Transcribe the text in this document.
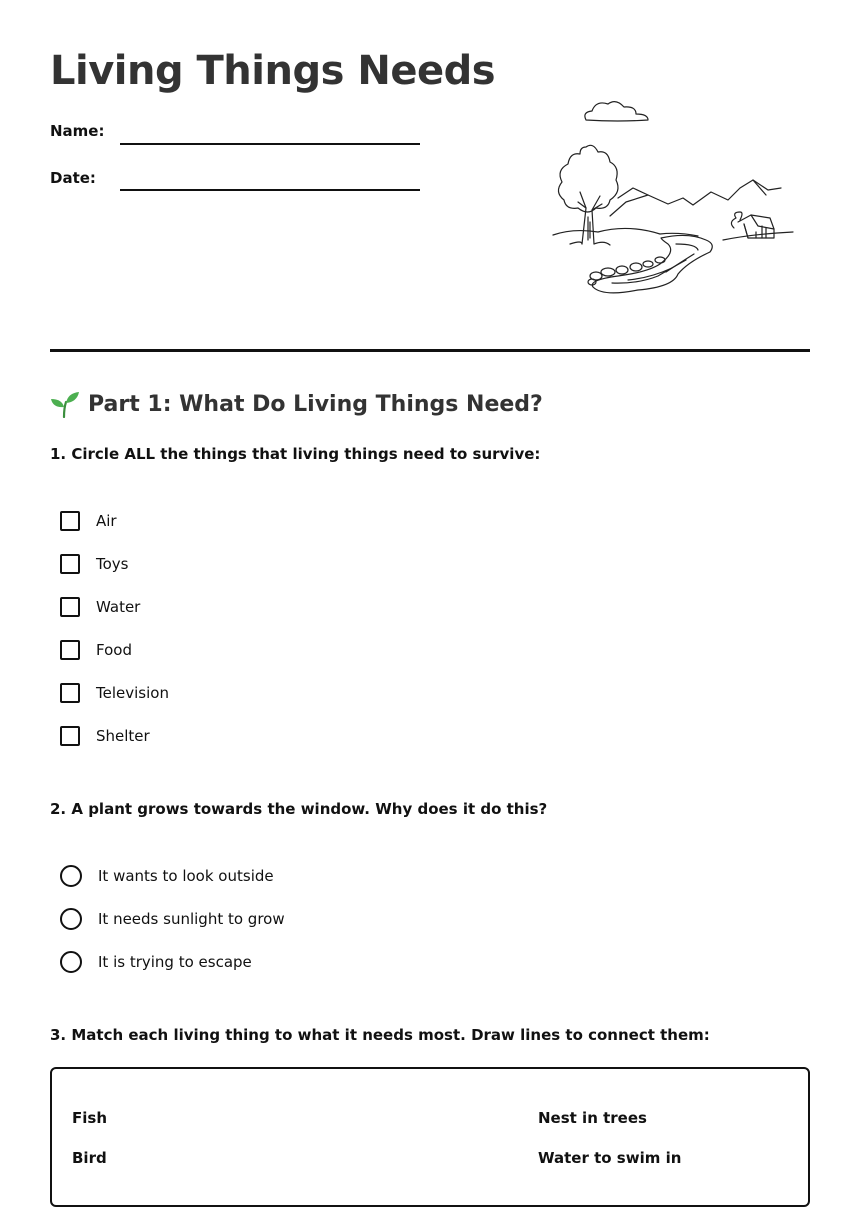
Living Things Needs
Name:
Date:
Part 1: What Do Living Things Need?

1. Circle ALL the things that living things need to survive:

Air
Toys
Water
Food
Television
Shelter

2. A plant grows towards the window. Why does it do this?

It wants to look outside
It needs sunlight to grow
It is trying to escape

3. Match each living thing to what it needs most. Draw lines to connect them:

Fish
Bird
Nest in trees
Water to swim in
